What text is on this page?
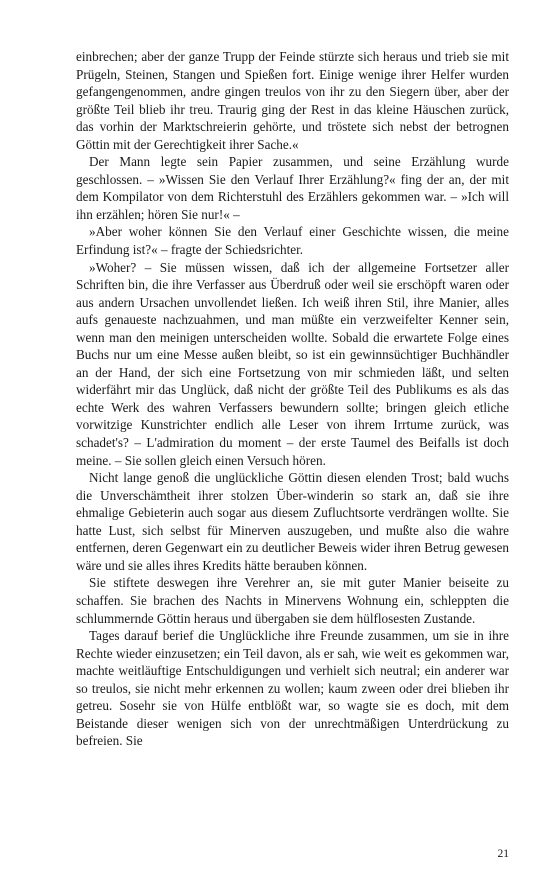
einbrechen; aber der ganze Trupp der Feinde stürzte sich heraus und trieb sie mit Prügeln, Steinen, Stangen und Spießen fort. Einige wenige ihrer Helfer wurden gefangengenommen, andre gingen treulos von ihr zu den Siegern über, aber der größte Teil blieb ihr treu. Traurig ging der Rest in das kleine Häuschen zurück, das vorhin der Marktschreierin gehörte, und tröstete sich nebst der betrognen Göttin mit der Gerechtigkeit ihrer Sache.«

Der Mann legte sein Papier zusammen, und seine Erzählung wurde geschlossen. – »Wissen Sie den Verlauf Ihrer Erzählung?« fing der an, der mit dem Kompilator von dem Richterstuhl des Erzählers gekommen war. – »Ich will ihn erzählen; hören Sie nur!« –

»Aber woher können Sie den Verlauf einer Geschichte wissen, die meine Erfindung ist?« – fragte der Schiedsrichter.

»Woher? – Sie müssen wissen, daß ich der allgemeine Fortsetzer aller Schriften bin, die ihre Verfasser aus Überdruß oder weil sie erschöpft waren oder aus andern Ursachen unvollendet ließen. Ich weiß ihren Stil, ihre Manier, alles aufs genaueste nachzuahmen, und man müßte ein verzweifelter Kenner sein, wenn man den meinigen unterscheiden wollte. Sobald die erwartete Folge eines Buchs nur um eine Messe außen bleibt, so ist ein gewinnsüchtiger Buchhändler an der Hand, der sich eine Fortsetzung von mir schmieden läßt, und selten widerfährt mir das Unglück, daß nicht der größte Teil des Publikums es als das echte Werk des wahren Verfassers bewundern sollte; bringen gleich etliche vorwitzige Kunstrichter endlich alle Leser von ihrem Irrtume zurück, was schadet's? – L'admiration du moment – der erste Taumel des Beifalls ist doch meine. – Sie sollen gleich einen Versuch hören.

Nicht lange genoß die unglückliche Göttin diesen elenden Trost; bald wuchs die Unverschämtheit ihrer stolzen Über-winderin so stark an, daß sie ihre ehmalige Gebieterin auch sogar aus diesem Zufluchtsorte verdrängen wollte. Sie hatte Lust, sich selbst für Minerven auszugeben, und mußte also die wahre entfernen, deren Gegenwart ein zu deutlicher Beweis wider ihren Betrug gewesen wäre und sie alles ihres Kredits hätte berauben können.

Sie stiftete deswegen ihre Verehrer an, sie mit guter Manier beiseite zu schaffen. Sie brachen des Nachts in Minervens Wohnung ein, schleppten die schlummernde Göttin heraus und übergaben sie dem hülflosesten Zustande.

Tages darauf berief die Unglückliche ihre Freunde zusammen, um sie in ihre Rechte wieder einzusetzen; ein Teil davon, als er sah, wie weit es gekommen war, machte weitläuftige Entschuldigungen und verhielt sich neutral; ein anderer war so treulos, sie nicht mehr erkennen zu wollen; kaum zween oder drei blieben ihr getreu. Sosehr sie von Hülfe entblößt war, so wagte sie es doch, mit dem Beistande dieser wenigen sich von der unrechtmäßigen Unterdrückung zu befreien. Sie

21
